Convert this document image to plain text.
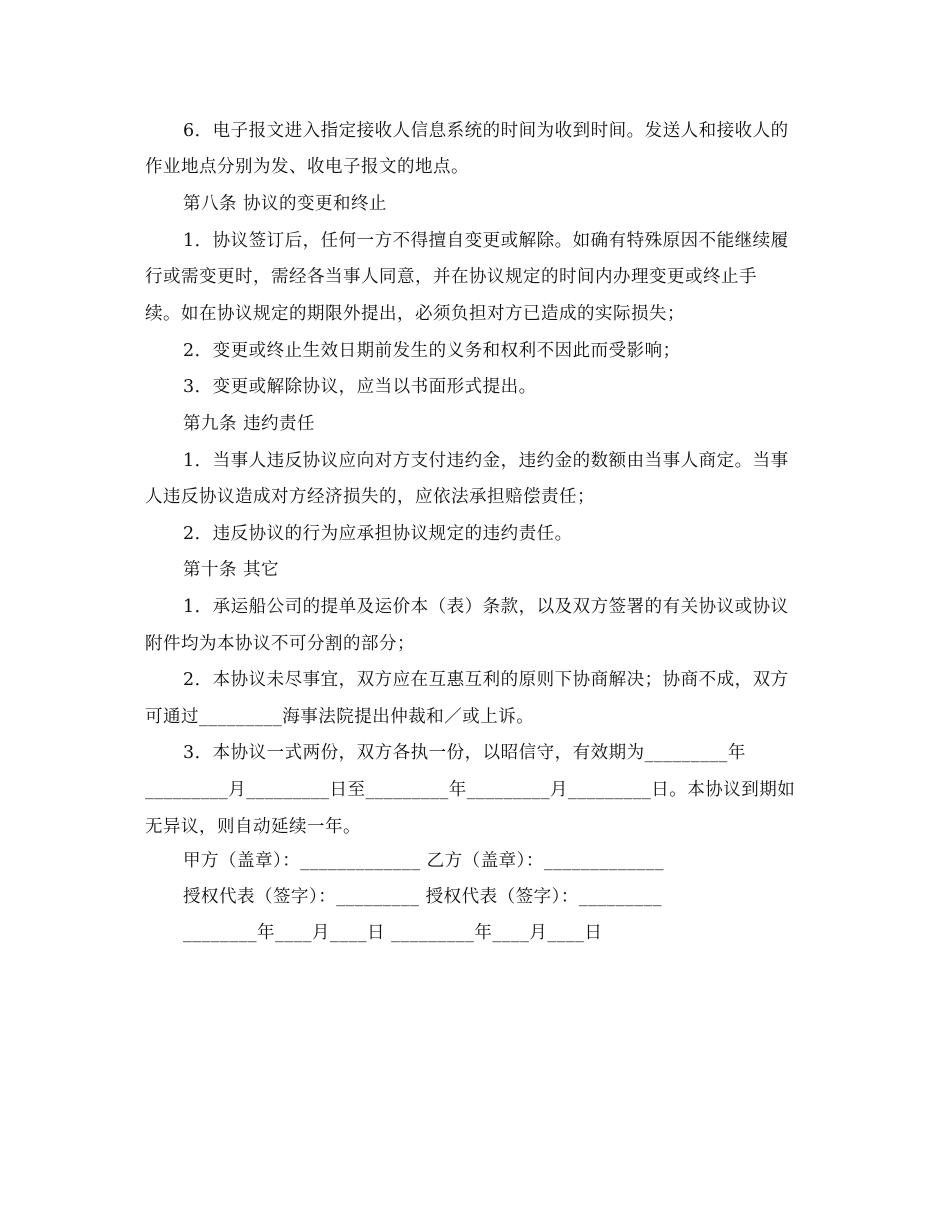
6．电子报文进入指定接收人信息系统的时间为收到时间。发送人和接收人的
作业地点分别为发、收电子报文的地点。
第八条 协议的变更和终止
1．协议签订后，任何一方不得擅自变更或解除。如确有特殊原因不能继续履
行或需变更时，需经各当事人同意，并在协议规定的时间内办理变更或终止手
续。如在协议规定的期限外提出，必须负担对方已造成的实际损失；
2．变更或终止生效日期前发生的义务和权利不因此而受影响；
3．变更或解除协议，应当以书面形式提出。
第九条 违约责任
1．当事人违反协议应向对方支付违约金，违约金的数额由当事人商定。当事
人违反协议造成对方经济损失的，应依法承担赔偿责任；
2．违反协议的行为应承担协议规定的违约责任。
第十条 其它
1．承运船公司的提单及运价本（表）条款，以及双方签署的有关协议或协议
附件均为本协议不可分割的部分；
2．本协议未尽事宜，双方应在互惠互利的原则下协商解决；协商不成，双方
可通过_________海事法院提出仲裁和／或上诉。
3．本协议一式两份，双方各执一份，以昭信守，有效期为_________年
_________月_________日至_________年_________月_________日。本协议到期如
无异议，则自动延续一年。
甲方（盖章）：_____________ 乙方（盖章）：_____________
授权代表（签字）：_________ 授权代表（签字）：_________
________年____月____日 _________年____月____日
